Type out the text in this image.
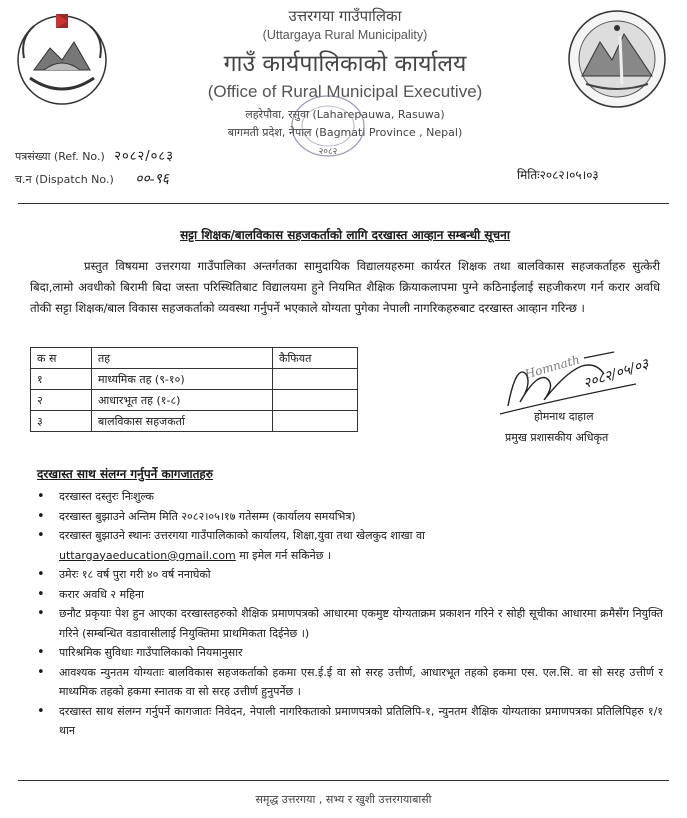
उत्तरगया गाउँपालिका
(Uttargaya Rural Municipality)
गाउँ कार्यपालिकाको कार्यालय
(Office of Rural Municipal Executive)
लहरेपौवा, रसुवा (Laharepauwa, Rasuwa)
बागमती प्रदेश, नेपाल (Bagmati Province , Nepal)
२०८२
पत्रसंख्या (Ref. No.) २०८२/०८३
च.न (Dispatch No.) ००-९६	मितिः२०८२।०५।०३
सट्टा शिक्षक/बालविकास सहजकर्ताको लागि दरखास्त आव्हान सम्बन्धी सूचना
प्रस्तुत विषयमा उत्तरगया गाउँपालिका अन्तर्गतका सामुदायिक विद्यालयहरुमा कार्यरत शिक्षक तथा बालविकास सहजकर्ताहरु सुत्केरी बिदा,लामो अवधीको बिरामी बिदा जस्ता परिस्थितिबाट विद्यालयमा हुने नियमित शैक्षिक क्रियाकलापमा पुग्ने कठिनाईलाई सहजीकरण गर्न करार अवधि तोकी सट्टा शिक्षक/बाल विकास सहजकर्ताको व्यवस्था गर्नुपर्ने भएकाले योग्यता पुगेका नेपाली नागरिकहरुबाट दरखास्त आव्हान गरिन्छ ।
क स	तह	कैफियत
१	माध्यमिक तह (९-१०)	
२	आधारभूत तह (१-८)	
३	बालविकास सहजकर्ता	
Homnath २०८२/०५/०३
होमनाथ दाहाल
प्रमुख प्रशासकीय अधिकृत
दरखास्त साथ संलग्न गर्नुपर्ने कागजातहरु
• दरखास्त दस्तुरः निःशुल्क
• दरखास्त बुझाउने अन्तिम मिति २०८२।०५।१७ गतेसम्म (कार्यालय समयभित्र)
• दरखास्त बुझाउने स्थानः उत्तरगया गाउँपालिकाको कार्यालय, शिक्षा,युवा तथा खेलकुद शाखा वा
uttargayaeducation@gmail.com मा इमेल गर्न सकिनेछ ।
• उमेरः १८ वर्ष पुरा गरी ४० वर्ष ननाघेको
• करार अवधि २ महिना
• छनौट प्रकृयाः पेश हुन आएका दरखास्तहरुको शैक्षिक प्रमाणपत्रको आधारमा एकमुष्ट योग्यताक्रम प्रकाशन गरिने र सोही सूचीका आधारमा क्रमैसँग नियुक्ति गरिने (सम्बन्धित वडावासीलाई नियुक्तिमा प्राथमिकता दिईनेछ ।)
• पारिश्रमिक सुविधाः गाउँपालिकाको नियमानुसार
• आवश्यक न्युनतम योग्यताः बालविकास सहजकर्ताको हकमा एस.ई.ई वा सो सरह उत्तीर्ण, आधारभूत तहको हकमा एस. एल.सि. वा सो सरह उत्तीर्ण र माध्यमिक तहको हकमा स्नातक वा सो सरह उत्तीर्ण हुनुपर्नेछ ।
• दरखास्त साथ संलग्न गर्नुपर्ने कागजातः निवेदन, नेपाली नागरिकताको प्रमाणपत्रको प्रतिलिपि-१, न्युनतम शैक्षिक योग्यताका प्रमाणपत्रका प्रतिलिपिहरु १/१ थान
समृद्ध उत्तरगया , सभ्य र खुशी उत्तरगयाबासी
